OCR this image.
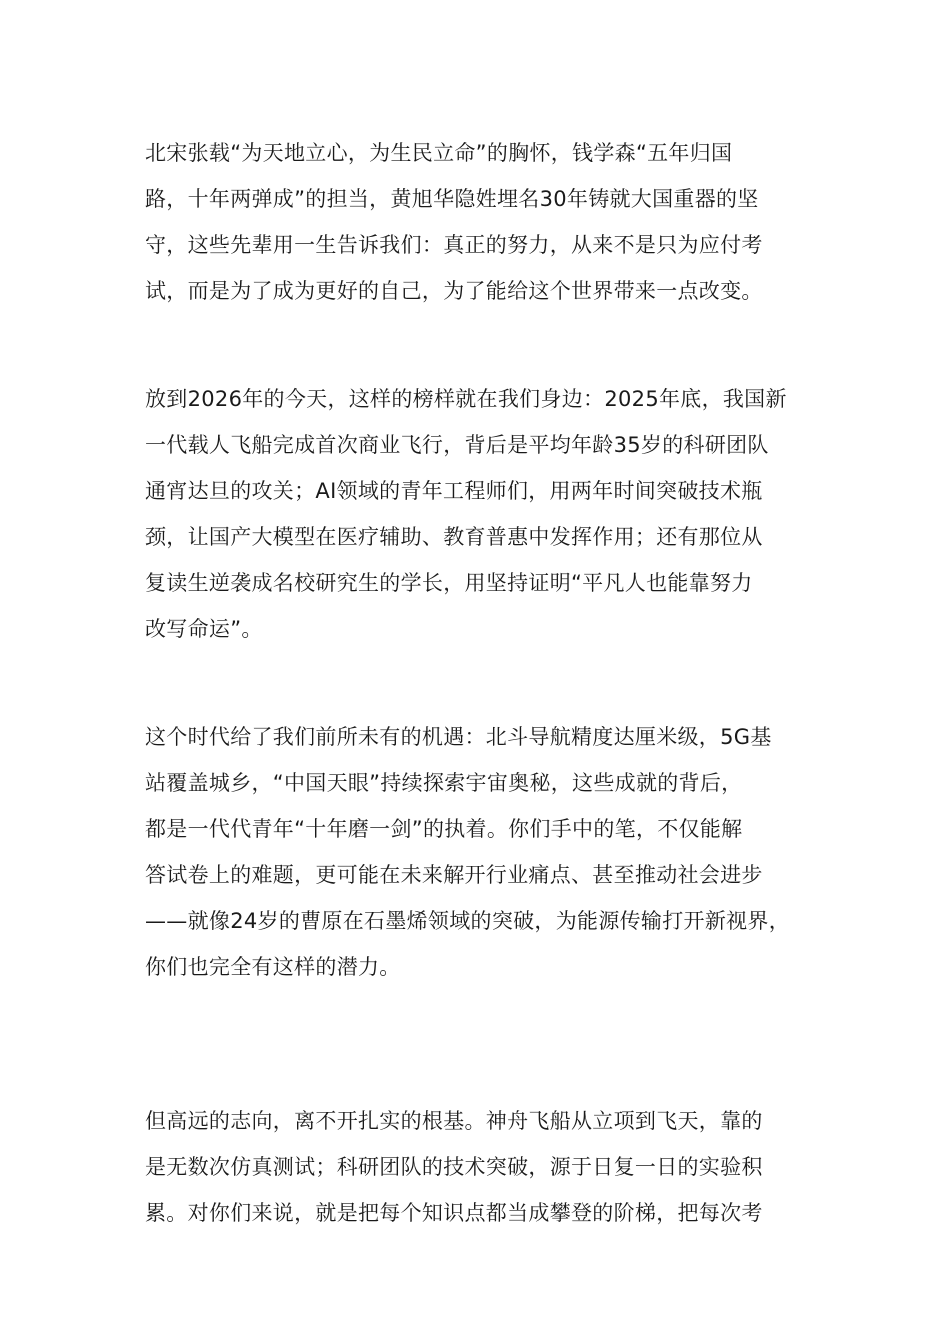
北宋张载“为天地立心，为生民立命”的胸怀，钱学森“五年归国
路，十年两弹成”的担当，黄旭华隐姓埋名30年铸就大国重器的坚
守，这些先辈用一生告诉我们：真正的努力，从来不是只为应付考
试，而是为了成为更好的自己，为了能给这个世界带来一点改变。

放到2026年的今天，这样的榜样就在我们身边：2025年底，我国新
一代载人飞船完成首次商业飞行，背后是平均年龄35岁的科研团队
通宵达旦的攻关；AI领域的青年工程师们，用两年时间突破技术瓶
颈，让国产大模型在医疗辅助、教育普惠中发挥作用；还有那位从
复读生逆袭成名校研究生的学长，用坚持证明“平凡人也能靠努力
改写命运”。

这个时代给了我们前所未有的机遇：北斗导航精度达厘米级，5G基
站覆盖城乡，“中国天眼”持续探索宇宙奥秘，这些成就的背后，
都是一代代青年“十年磨一剑”的执着。你们手中的笔，不仅能解
答试卷上的难题，更可能在未来解开行业痛点、甚至推动社会进步
——就像24岁的曹原在石墨烯领域的突破，为能源传输打开新视界，
你们也完全有这样的潜力。

但高远的志向，离不开扎实的根基。神舟飞船从立项到飞天，靠的
是无数次仿真测试；科研团队的技术突破，源于日复一日的实验积
累。对你们来说，就是把每个知识点都当成攀登的阶梯，把每次考
